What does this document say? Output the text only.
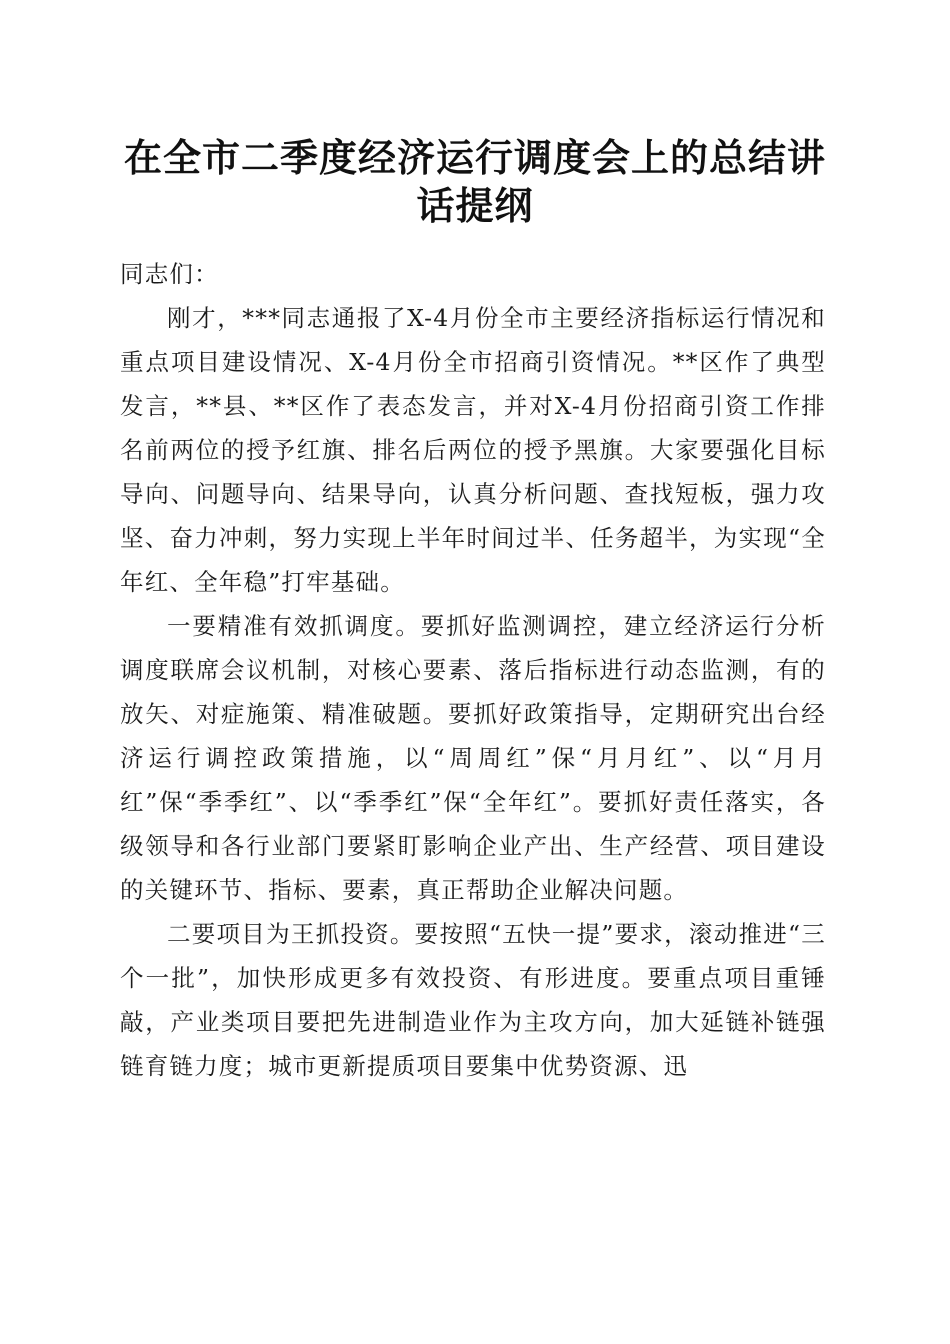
在全市二季度经济运行调度会上的总结讲话提纲

同志们：

刚才，***同志通报了X-4月份全市主要经济指标运行情况和重点项目建设情况、X-4月份全市招商引资情况。**区作了典型发言，**县、**区作了表态发言，并对X-4月份招商引资工作排名前两位的授予红旗、排名后两位的授予黑旗。大家要强化目标导向、问题导向、结果导向，认真分析问题、查找短板，强力攻坚、奋力冲刺，努力实现上半年时间过半、任务超半，为实现“全年红、全年稳”打牢基础。

一要精准有效抓调度。要抓好监测调控，建立经济运行分析调度联席会议机制，对核心要素、落后指标进行动态监测，有的放矢、对症施策、精准破题。要抓好政策指导，定期研究出台经济运行调控政策措施，以“周周红”保“月月红”、以“月月红”保“季季红”、以“季季红”保“全年红”。要抓好责任落实，各级领导和各行业部门要紧盯影响企业产出、生产经营、项目建设的关键环节、指标、要素，真正帮助企业解决问题。

二要项目为王抓投资。要按照“五快一提”要求，滚动推进“三个一批”，加快形成更多有效投资、有形进度。要重点项目重锤敲，产业类项目要把先进制造业作为主攻方向，加大延链补链强链育链力度；城市更新提质项目要集中优势资源、迅
